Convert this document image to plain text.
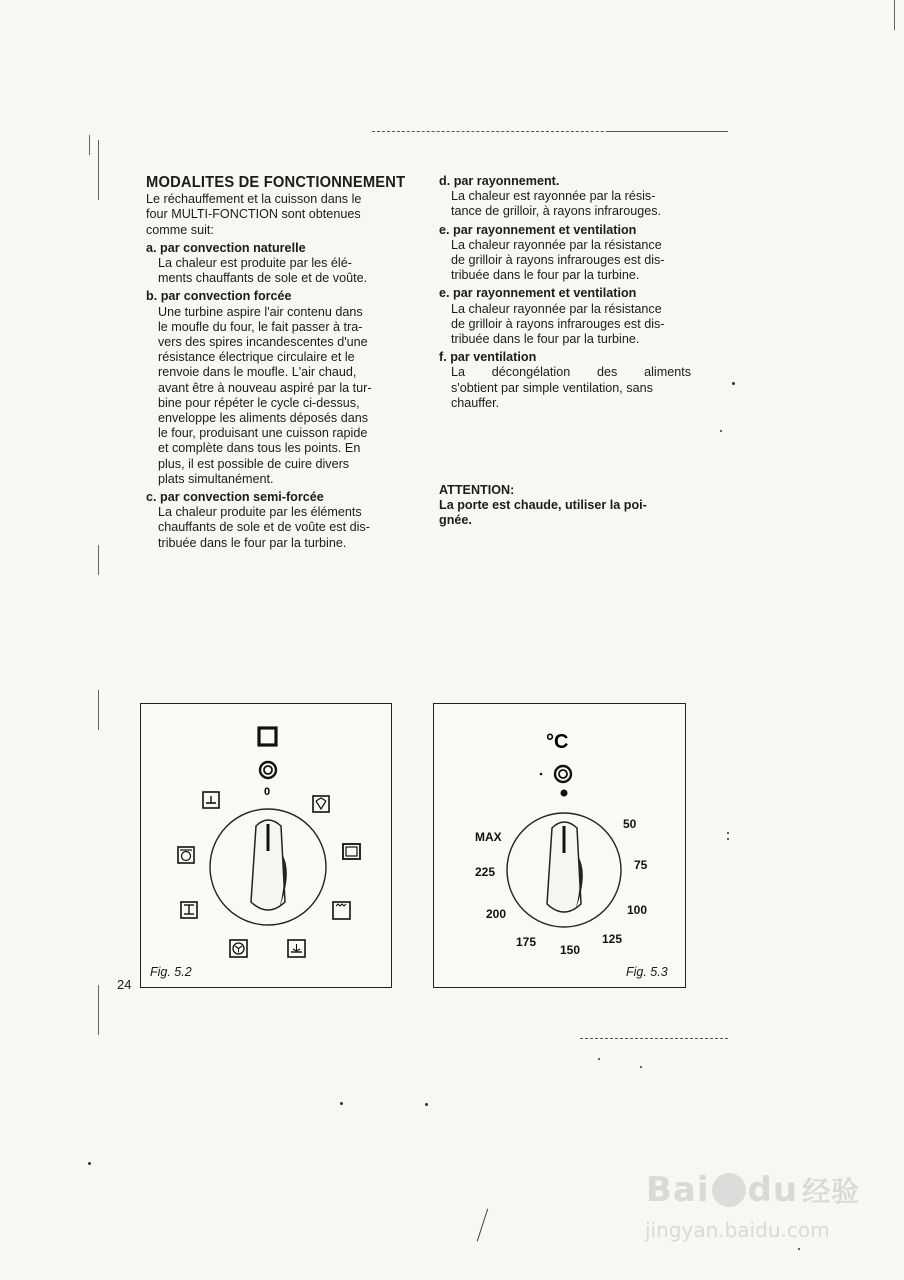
MODALITES DE FONCTIONNEMENT

Le réchauffement et la cuisson dans le

four MULTI-FONCTION sont obtenues

comme suit:

a. par convection naturelle

La chaleur est produite par les élé-

ments chauffants de sole et de voûte.

b. par convection forcée

Une turbine aspire l'air contenu dans

le moufle du four, le fait passer à tra-

vers des spires incandescentes d'une

résistance électrique circulaire et le

renvoie dans le moufle. L'air chaud,

avant être à nouveau aspiré par la tur-

bine pour répéter le cycle ci-dessus,

enveloppe les aliments déposés dans

le four, produisant une cuisson rapide

et complète dans tous les points. En

plus, il est possible de cuire divers

plats simultanément.

c. par convection semi-forcée

La chaleur produite par les éléments

chauffants de sole et de voûte est dis-

tribuée dans le four par la turbine.

d. par rayonnement.

La chaleur est rayonnée par la résis-

tance de grilloir, à rayons infrarouges.

e. par rayonnement et ventilation

La chaleur rayonnée par la résistance

de grilloir à rayons infrarouges est dis-

tribuée dans le four par la turbine.

e. par rayonnement et ventilation

La chaleur rayonnée par la résistance

de grilloir à rayons infrarouges est dis-

tribuée dans le four par la turbine.

f. par ventilation

La décongélation des aliments

s'obtient par simple ventilation, sans

chauffer.

ATTENTION:

La porte est chaude, utiliser la poi-

gnée.

0
Fig. 5.2
24
°C
50
75
100
125
150
175
200
225
MAX
Fig. 5.3
Bai du 经验
jingyan.baidu.com
